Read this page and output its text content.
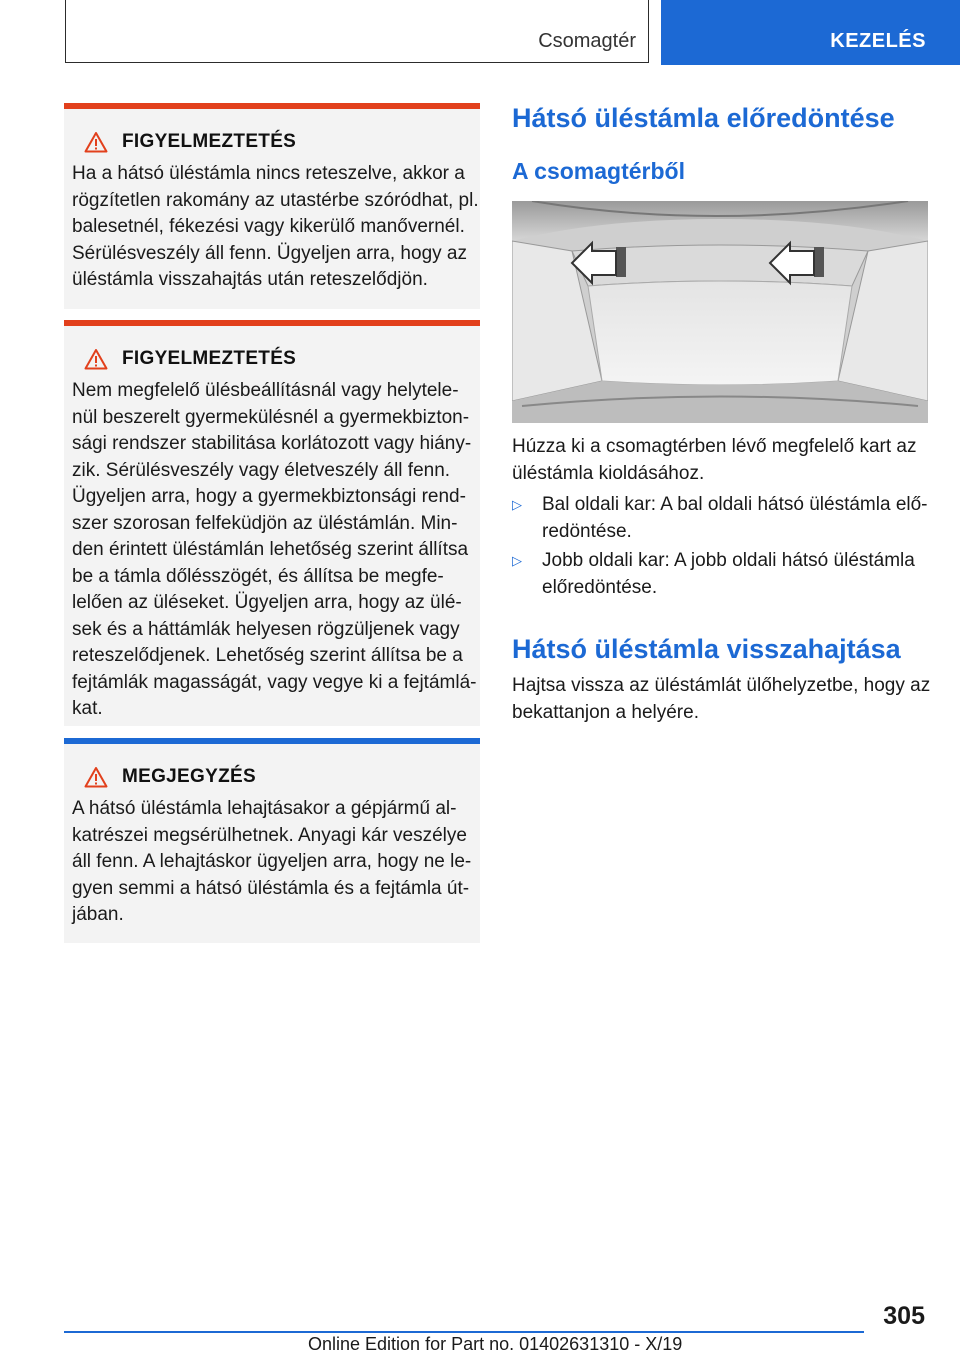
Csomagtér	KEZELÉS
FIGYELMEZTETÉS
Ha a hátsó üléstámla nincs reteszelve, akkor a
rögzítetlen rakomány az utastérbe szóródhat, pl.
balesetnél, fékezési vagy kikerülő manővernél.
Sérülésveszély áll fenn. Ügyeljen arra, hogy az
üléstámla visszahajtás után reteszelődjön.
FIGYELMEZTETÉS
Nem megfelelő ülésbeállításnál vagy helytele-
nül beszerelt gyermekülésnél a gyermekbizton-
sági rendszer stabilitása korlátozott vagy hiány-
zik. Sérülésveszély vagy életveszély áll fenn.
Ügyeljen arra, hogy a gyermekbiztonsági rend-
szer szorosan felfeküdjön az üléstámlán. Min-
den érintett üléstámlán lehetőség szerint állítsa
be a támla dőlésszögét, és állítsa be megfe-
lelően az üléseket. Ügyeljen arra, hogy az ülé-
sek és a háttámlák helyesen rögzüljenek vagy
reteszelődjenek. Lehetőség szerint állítsa be a
fejtámlák magasságát, vagy vegye ki a fejtámlá-
kat.
MEGJEGYZÉS
A hátsó üléstámla lehajtásakor a gépjármű al-
katrészei megsérülhetnek. Anyagi kár veszélye
áll fenn. A lehajtáskor ügyeljen arra, hogy ne le-
gyen semmi a hátsó üléstámla és a fejtámla út-
jában.
Hátsó üléstámla előredöntése
A csomagtérből
Húzza ki a csomagtérben lévő megfelelő kart az
üléstámla kioldásához.
▷	Bal oldali kar: A bal oldali hátsó üléstámla elő-
redöntése.
▷	Jobb oldali kar: A jobb oldali hátsó üléstámla
előredöntése.
Hátsó üléstámla visszahajtása
Hajtsa vissza az üléstámlát ülőhelyzetbe, hogy az
bekattanjon a helyére.
305
Online Edition for Part no. 01402631310 - X/19
